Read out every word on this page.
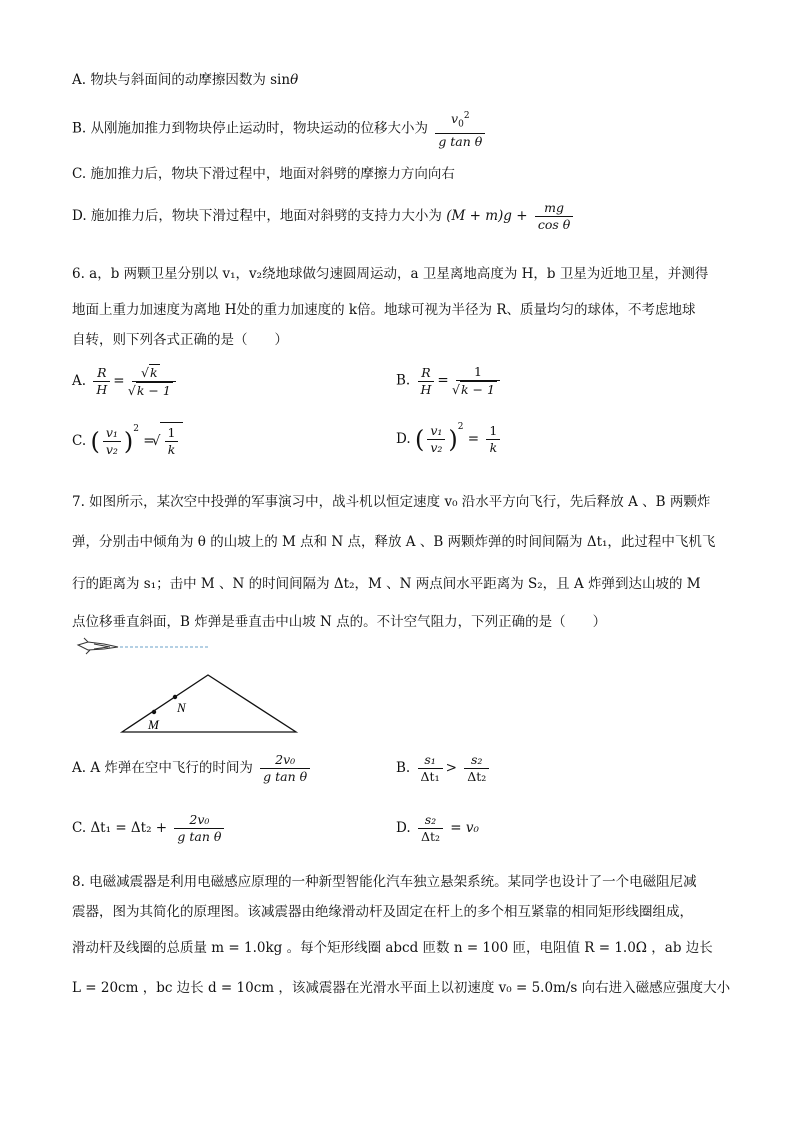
A. 物块与斜面间的动摩擦因数为 sinθ
B. 从刚施加推力到物块停止运动时，物块运动的位移大小为 $\frac{v_0^2}{\text{g tan θ}}$
C. 施加推力后，物块下滑过程中，地面对斜劈的摩擦力方向向右
D. 施加推力后，物块下滑过程中，地面对斜劈的支持力大小为 $(M + m)g + \frac{mg}{\text{cos θ}}$
6. a，b 两颗卫星分别以 v₁，v₂绕地球做匀速圆周运动，a 卫星离地高度为 H，b 卫星为近地卫星，并测得
地面上重力加速度为离地 H处的重力加速度的 k倍。地球可视为半径为 R、质量均匀的球体，不考虑地球
自转，则下列各式正确的是（　　）
A. $\frac{R}{H}$ = √ k
√ k − 1	B. $\frac{R}{H} = 1$
√ k − 1
C. ( $\frac{\text{v₁}}{\text{v₂}} )^2$ = √ $\frac{1}{k}$	D. ( $\frac{\text{v₁}}{\text{v₂}} )^2 = \frac{1}{k}$
7. 如图所示，某次空中投弹的军事演习中，战斗机以恒定速度 v₀ 沿水平方向飞行，先后释放 A 、B 两颗炸
弹，分别击中倾角为 θ 的山坡上的 M 点和 N 点，释放 A 、B 两颗炸弹的时间间隔为 Δt₁，此过程中飞机飞
行的距离为 s₁；击中 M 、N 的时间间隔为 Δt₂，M 、N 两点间水平距离为 S₂，且 A 炸弹到达山坡的 M
点位移垂直斜面，B 炸弹是垂直击中山坡 N 点的。不计空气阻力，下列正确的是（　　）
N
M
A. A 炸弹在空中飞行的时间为 $\frac{\text{2v₀}}{\text{g tan θ}}$	B. $\frac{\text{s₁}}{\text{Δt₁}} > \frac{\text{s₂}}{\text{Δt₂}}$
C. $\Delta t_1 = \Delta t_2 + \frac{\text{2v₀}}{\text{g tan θ}}$	D. $\frac{\text{s₂}}{\text{Δt₂}} = v_0$
8. 电磁减震器是利用电磁感应原理的一种新型智能化汽车独立悬架系统。某同学也设计了一个电磁阻尼减
震器，图为其简化的原理图。该减震器由绝缘滑动杆及固定在杆上的多个相互紧靠的相同矩形线圈组成，
滑动杆及线圈的总质量 m = 1.0kg 。每个矩形线圈 abcd 匝数 n = 100 匝，电阻值 R = 1.0Ω ，ab 边长
L = 20cm ，bc 边长 d = 10cm ，该减震器在光滑水平面上以初速度 v₀ = 5.0m/s 向右进入磁感应强度大小
